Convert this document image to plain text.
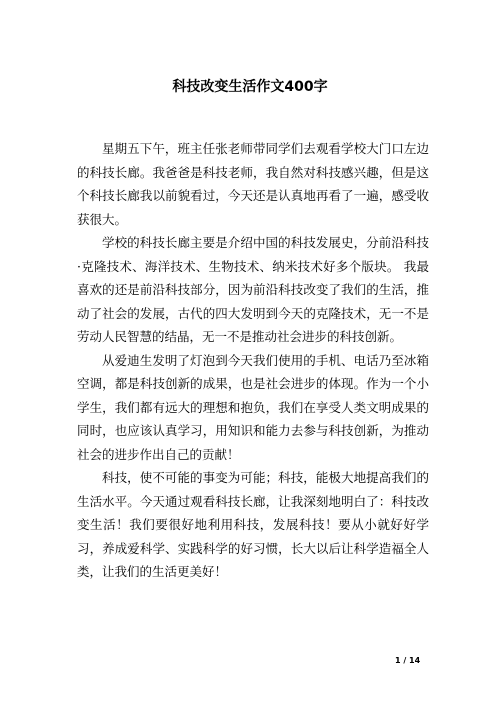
科技改变生活作文400字

星期五下午，班主任张老师带同学们去观看学校大门口左边的科技长廊。我爸爸是科技老师，我自然对科技感兴趣，但是这个科技长廊我以前貌看过，今天还是认真地再看了一遍，感受收获很大。

学校的科技长廊主要是介绍中国的科技发展史，分前沿科技·克隆技术、海洋技术、生物技术、纳米技术好多个版块。 我最喜欢的还是前沿科技部分，因为前沿科技改变了我们的生活，推动了社会的发展，古代的四大发明到今天的克隆技术，无一不是劳动人民智慧的结晶，无一不是推动社会进步的科技创新。

从爱迪生发明了灯泡到今天我们使用的手机、电话乃至冰箱空调，都是科技创新的成果，也是社会进步的体现。作为一个小学生，我们都有远大的理想和抱负，我们在享受人类文明成果的同时，也应该认真学习，用知识和能力去参与科技创新，为推动社会的进步作出自己的贡献！

科技，使不可能的事变为可能；科技，能极大地提高我们的生活水平。今天通过观看科技长廊，让我深刻地明白了：科技改变生活！我们要很好地利用科技，发展科技！要从小就好好学习，养成爱科学、实践科学的好习惯，长大以后让科学造福全人类，让我们的生活更美好！

1 / 14
